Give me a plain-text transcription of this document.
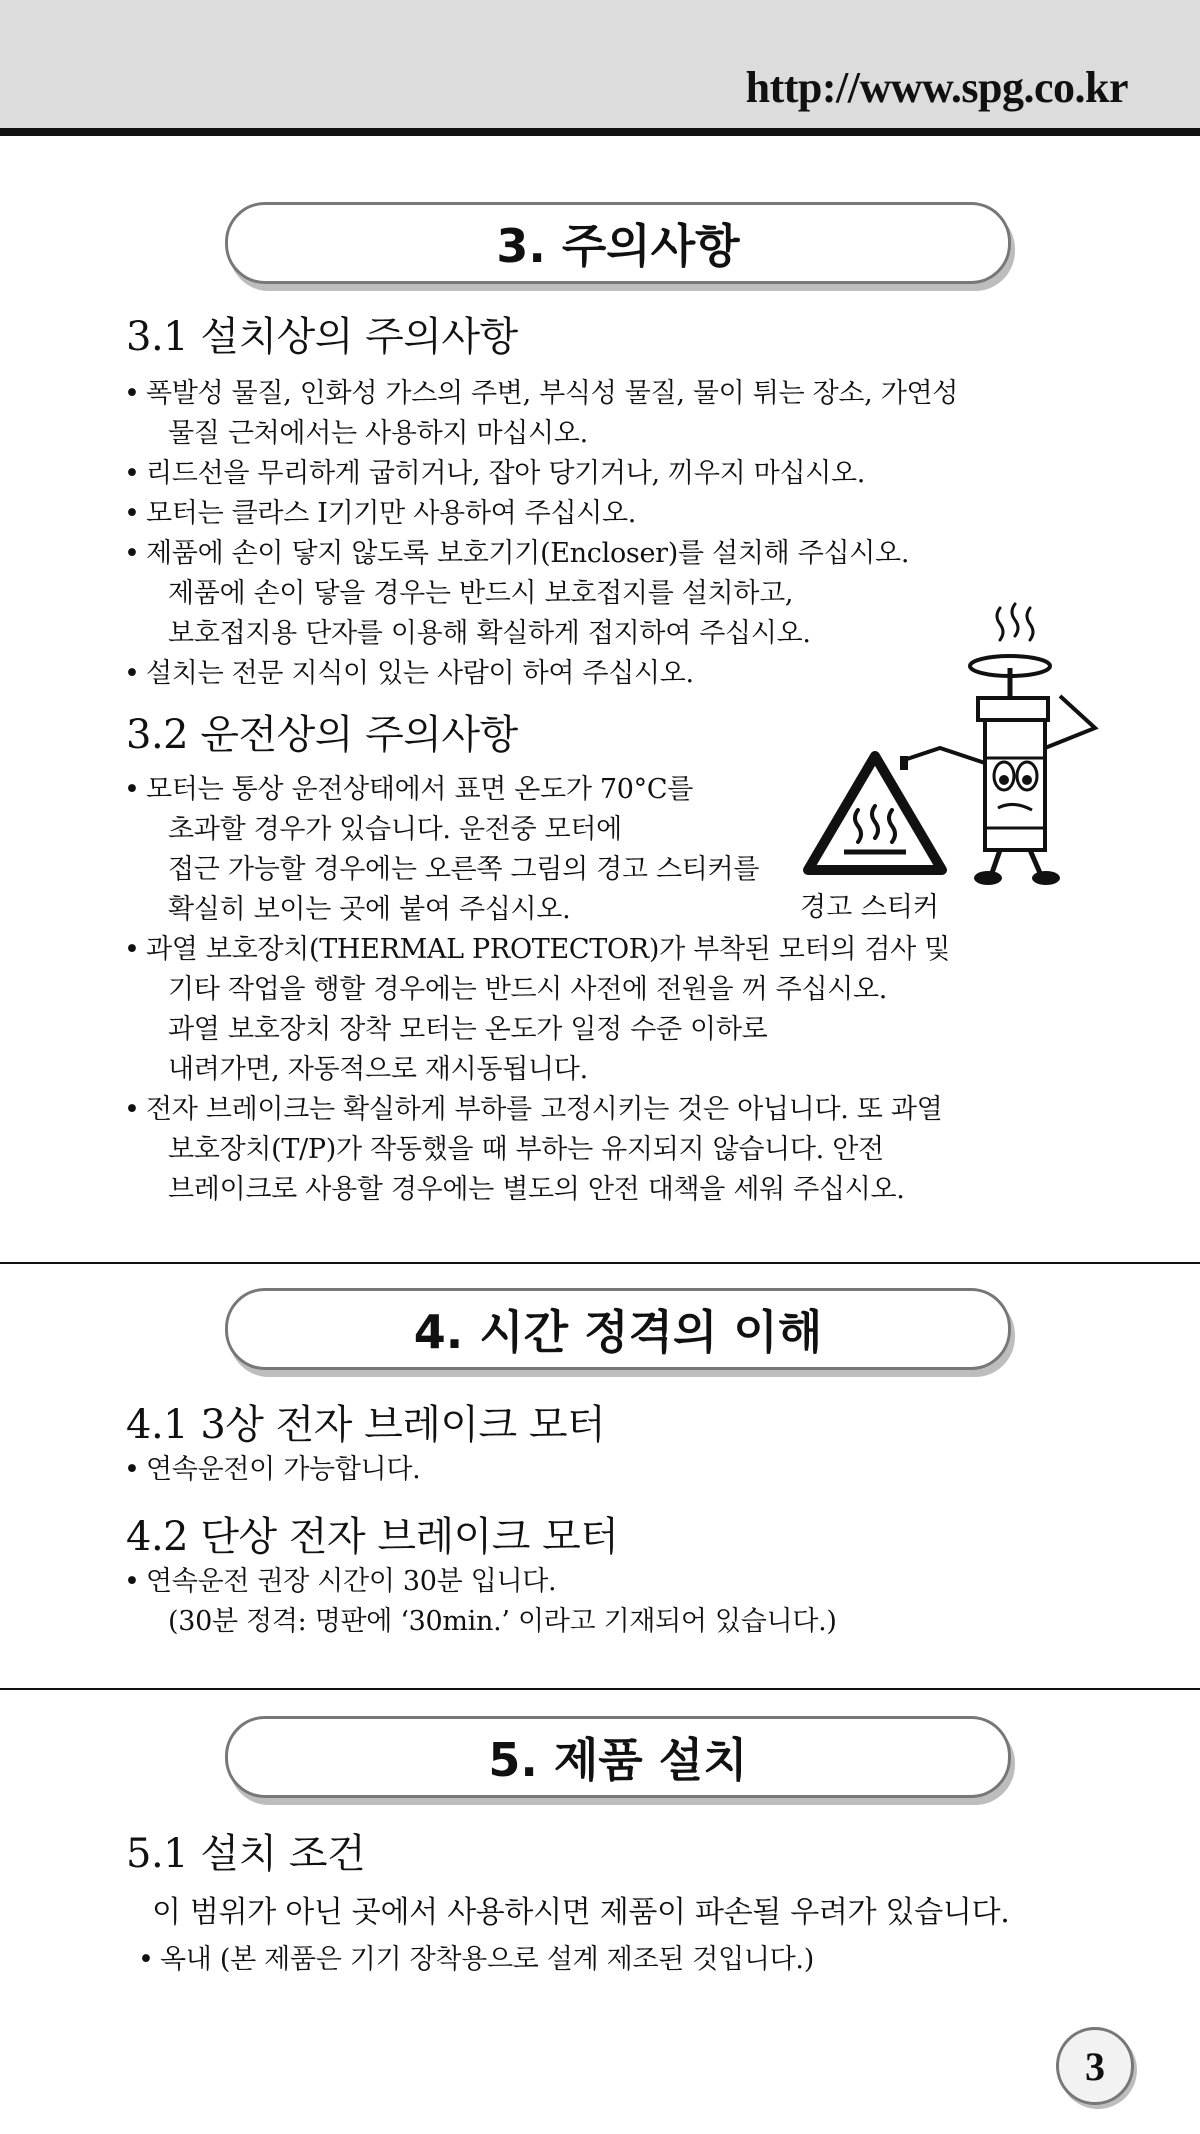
http://www.spg.co.kr
3. 주의사항
3.1 설치상의 주의사항
• 폭발성 물질, 인화성 가스의 주변, 부식성 물질, 물이 튀는 장소, 가연성
물질 근처에서는 사용하지 마십시오.
• 리드선을 무리하게 굽히거나, 잡아 당기거나, 끼우지 마십시오.
• 모터는 클라스 I기기만 사용하여 주십시오.
• 제품에 손이 닿지 않도록 보호기기(Encloser)를 설치해 주십시오.
제품에 손이 닿을 경우는 반드시 보호접지를 설치하고,
보호접지용 단자를 이용해 확실하게 접지하여 주십시오.
• 설치는 전문 지식이 있는 사람이 하여 주십시오.
3.2 운전상의 주의사항
• 모터는 통상 운전상태에서 표면 온도가 70°C를
초과할 경우가 있습니다. 운전중 모터에
접근 가능할 경우에는 오른쪽 그림의 경고 스티커를
확실히 보이는 곳에 붙여 주십시오.
• 과열 보호장치(THERMAL PROTECTOR)가 부착된 모터의 검사 및
기타 작업을 행할 경우에는 반드시 사전에 전원을 꺼 주십시오.
과열 보호장치 장착 모터는 온도가 일정 수준 이하로
내려가면, 자동적으로 재시동됩니다.
• 전자 브레이크는 확실하게 부하를 고정시키는 것은 아닙니다. 또 과열
보호장치(T/P)가 작동했을 때 부하는 유지되지 않습니다. 안전
브레이크로 사용할 경우에는 별도의 안전 대책을 세워 주십시오.
경고 스티커
4. 시간 정격의 이해
4.1 3상 전자 브레이크 모터
• 연속운전이 가능합니다.
4.2 단상 전자 브레이크 모터
• 연속운전 권장 시간이 30분 입니다.
(30분 정격: 명판에 ‘30min.’ 이라고 기재되어 있습니다.)
5. 제품 설치
5.1 설치 조건
이 범위가 아닌 곳에서 사용하시면 제품이 파손될 우려가 있습니다.
• 옥내 (본 제품은 기기 장착용으로 설계 제조된 것입니다.)
3
